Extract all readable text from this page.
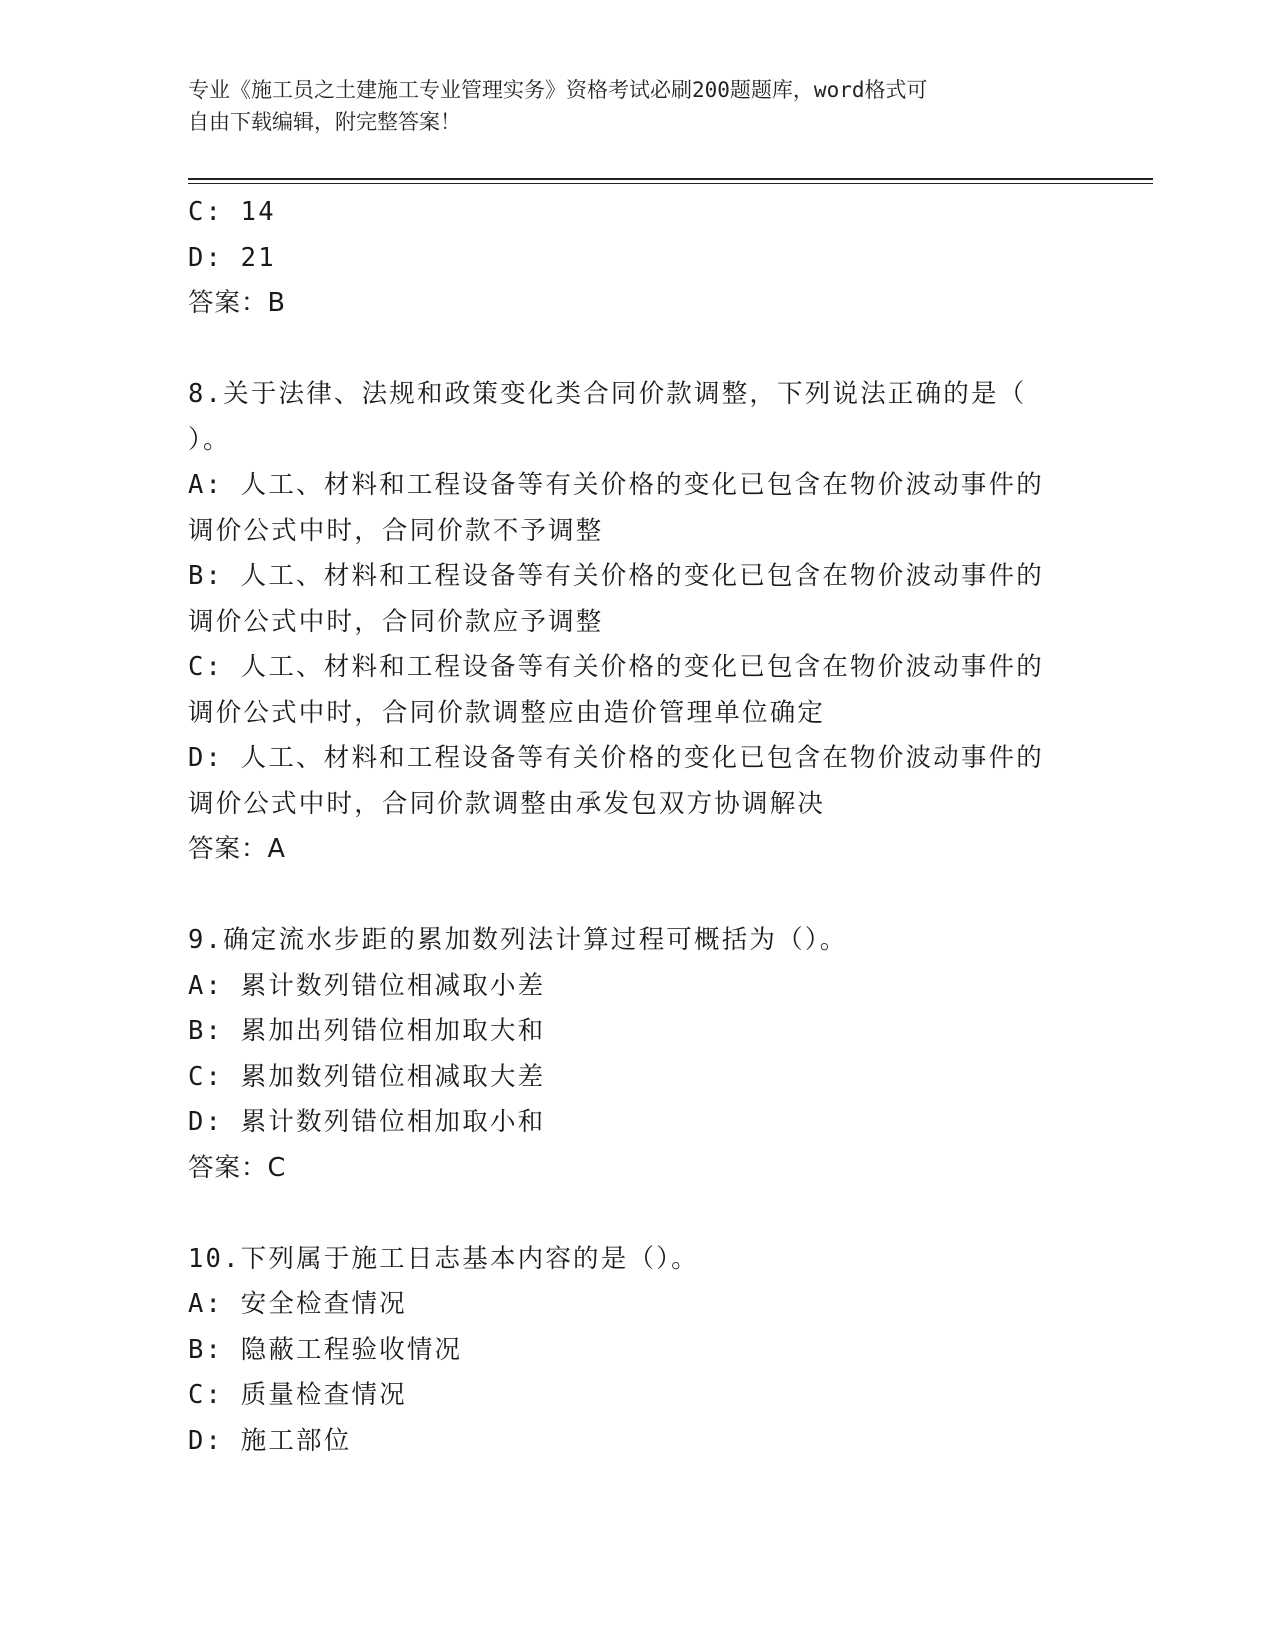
专业《施工员之土建施工专业管理实务》资格考试必刷200题题库，word格式可
自由下载编辑，附完整答案！
C: 14
D: 21
答案：B
8.关于法律、法规和政策变化类合同价款调整，下列说法正确的是（
）。
A: 人工、材料和工程设备等有关价格的变化已包含在物价波动事件的
调价公式中时，合同价款不予调整
B: 人工、材料和工程设备等有关价格的变化已包含在物价波动事件的
调价公式中时，合同价款应予调整
C: 人工、材料和工程设备等有关价格的变化已包含在物价波动事件的
调价公式中时，合同价款调整应由造价管理单位确定
D: 人工、材料和工程设备等有关价格的变化已包含在物价波动事件的
调价公式中时，合同价款调整由承发包双方协调解决
答案：A
9.确定流水步距的累加数列法计算过程可概括为（）。
A: 累计数列错位相减取小差
B: 累加出列错位相加取大和
C: 累加数列错位相减取大差
D: 累计数列错位相加取小和
答案：C
10.下列属于施工日志基本内容的是（）。
A: 安全检查情况
B: 隐蔽工程验收情况
C: 质量检查情况
D: 施工部位
